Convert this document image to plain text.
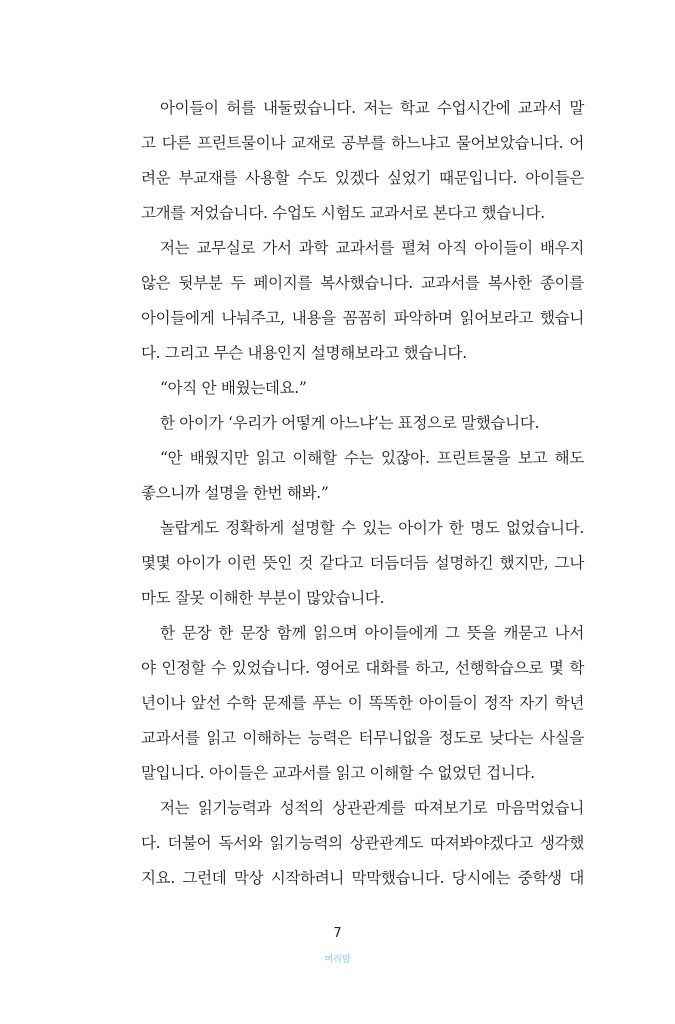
아이들이 허를 내둘렀습니다. 저는 학교 수업시간에 교과서 말
고 다른 프린트물이나 교재로 공부를 하느냐고 물어보았습니다. 어
려운 부교재를 사용할 수도 있겠다 싶었기 때문입니다. 아이들은
고개를 저었습니다. 수업도 시험도 교과서로 본다고 했습니다.
저는 교무실로 가서 과학 교과서를 펼쳐 아직 아이들이 배우지
않은 뒷부분 두 페이지를 복사했습니다. 교과서를 복사한 종이를
아이들에게 나눠주고, 내용을 꼼꼼히 파악하며 읽어보라고 했습니
다. 그리고 무슨 내용인지 설명해보라고 했습니다.
“아직 안 배웠는데요.”
한 아이가 ‘우리가 어떻게 아느냐’는 표정으로 말했습니다.
“안 배웠지만 읽고 이해할 수는 있잖아. 프린트물을 보고 해도
좋으니까 설명을 한번 해봐.”
놀랍게도 정확하게 설명할 수 있는 아이가 한 명도 없었습니다.
몇몇 아이가 이런 뜻인 것 같다고 더듬더듬 설명하긴 했지만, 그나
마도 잘못 이해한 부분이 많았습니다.
한 문장 한 문장 함께 읽으며 아이들에게 그 뜻을 캐묻고 나서
야 인정할 수 있었습니다. 영어로 대화를 하고, 선행학습으로 몇 학
년이나 앞선 수학 문제를 푸는 이 똑똑한 아이들이 정작 자기 학년
교과서를 읽고 이해하는 능력은 터무니없을 정도로 낮다는 사실을
말입니다. 아이들은 교과서를 읽고 이해할 수 없었던 겁니다.
저는 읽기능력과 성적의 상관관계를 따져보기로 마음먹었습니
다. 더불어 독서와 읽기능력의 상관관계도 따져봐야겠다고 생각했
지요. 그런데 막상 시작하려니 막막했습니다. 당시에는 중학생 대
7
머리말
